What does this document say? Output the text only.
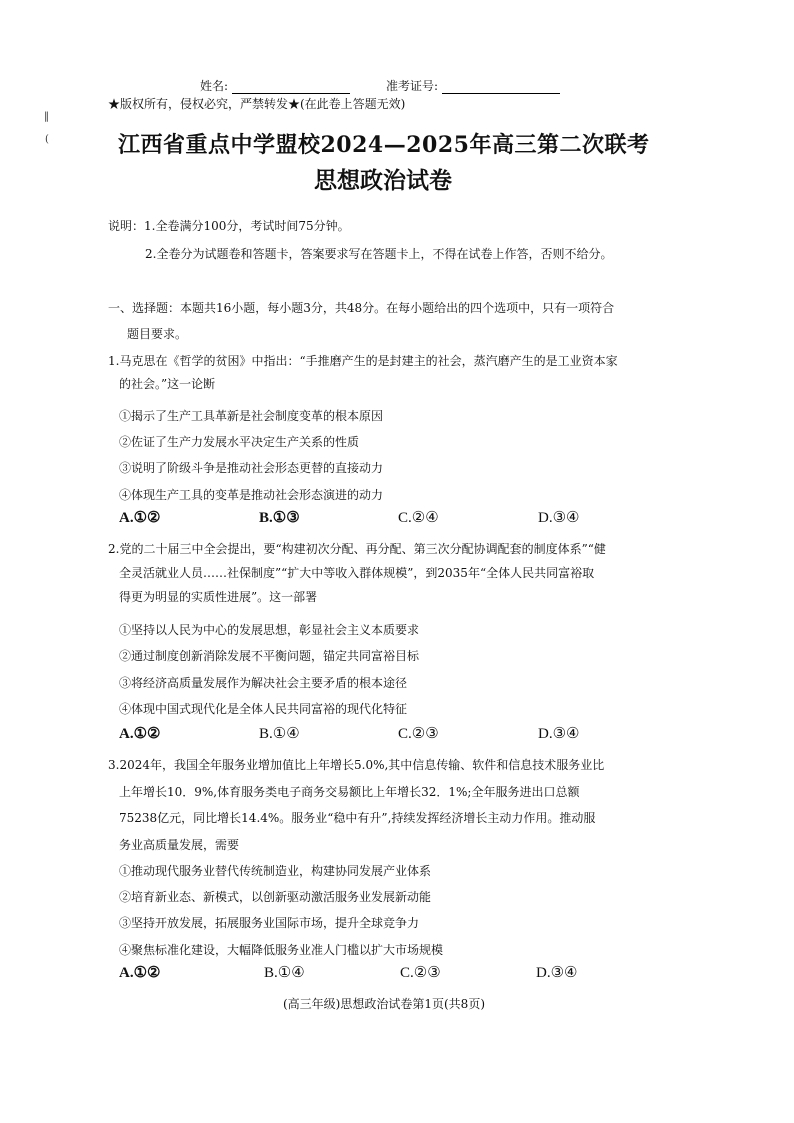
姓名:	准考证号:
★版权所有，侵权必究，严禁转发★(在此卷上答题无效)
‖
(	江西省重点中学盟校2024—2025年高三第二次联考
思想政治试卷
说明：1.全卷满分100分，考试时间75分钟。
2.全卷分为试题卷和答题卡，答案要求写在答题卡上，不得在试卷上作答，否则不给分。
一、选择题：本题共16小题，每小题3分，共48分。在每小题给出的四个选项中，只有一项符合
题目要求。
1.马克思在《哲学的贫困》中指出：“手推磨产生的是封建主的社会，蒸汽磨产生的是工业资本家
的社会。”这一论断
①揭示了生产工具革新是社会制度变革的根本原因
②佐证了生产力发展水平决定生产关系的性质
③说明了阶级斗争是推动社会形态更替的直接动力
④体现生产工具的变革是推动社会形态演进的动力
A.①②	B.①③	C.②④	D.③④
2.党的二十届三中全会提出，要“构建初次分配、再分配、第三次分配协调配套的制度体系”“健
全灵活就业人员……社保制度”“扩大中等收入群体规模”，到2035年“全体人民共同富裕取
得更为明显的实质性进展”。这一部署
①坚持以人民为中心的发展思想，彰显社会主义本质要求
②通过制度创新消除发展不平衡问题，锚定共同富裕目标
③将经济高质量发展作为解决社会主要矛盾的根本途径
④体现中国式现代化是全体人民共同富裕的现代化特征
A.①②	B.①④	C.②③	D.③④
3.2024年，我国全年服务业增加值比上年增长5.0%,其中信息传输、软件和信息技术服务业比
上年增长10．9%,体育服务类电子商务交易额比上年增长32．1%;全年服务进出口总额
75238亿元，同比增长14.4%。服务业“稳中有升”,持续发挥经济增长主动力作用。推动服
务业高质量发展，需要
①推动现代服务业替代传统制造业，构建协同发展产业体系
②培育新业态、新模式，以创新驱动激活服务业发展新动能
③坚持开放发展，拓展服务业国际市场，提升全球竞争力
④聚焦标准化建设，大幅降低服务业准人门槛以扩大市场规模
A.①②	B.①④	C.②③	D.③④
(高三年级)思想政治试卷第1页(共8页)
